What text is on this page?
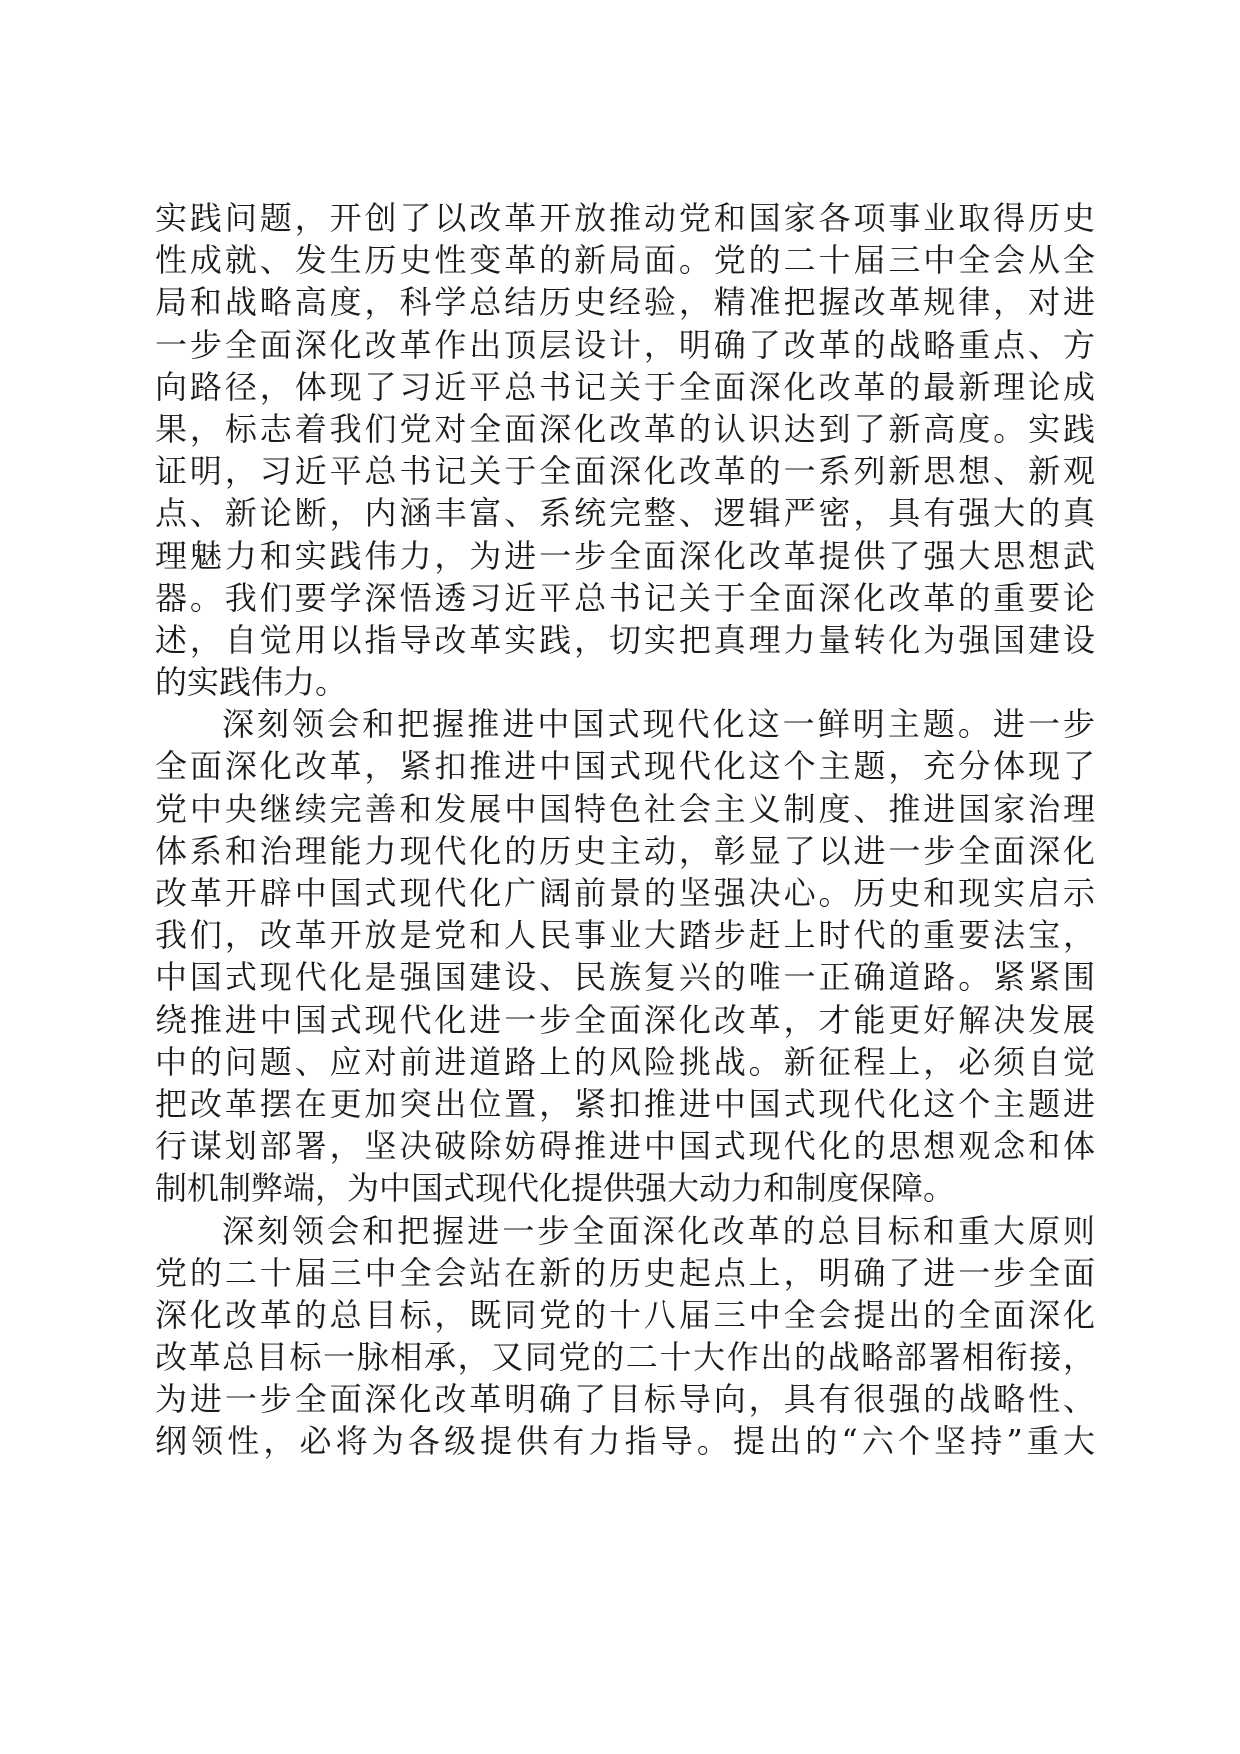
实践问题，开创了以改革开放推动党和国家各项事业取得历史
性成就、发生历史性变革的新局面。党的二十届三中全会从全
局和战略高度，科学总结历史经验，精准把握改革规律，对进
一步全面深化改革作出顶层设计，明确了改革的战略重点、方
向路径，体现了习近平总书记关于全面深化改革的最新理论成
果，标志着我们党对全面深化改革的认识达到了新高度。实践
证明，习近平总书记关于全面深化改革的一系列新思想、新观
点、新论断，内涵丰富、系统完整、逻辑严密，具有强大的真
理魅力和实践伟力，为进一步全面深化改革提供了强大思想武
器。我们要学深悟透习近平总书记关于全面深化改革的重要论
述，自觉用以指导改革实践，切实把真理力量转化为强国建设
的实践伟力。
深刻领会和把握推进中国式现代化这一鲜明主题。进一步
全面深化改革，紧扣推进中国式现代化这个主题，充分体现了
党中央继续完善和发展中国特色社会主义制度、推进国家治理
体系和治理能力现代化的历史主动，彰显了以进一步全面深化
改革开辟中国式现代化广阔前景的坚强决心。历史和现实启示
我们，改革开放是党和人民事业大踏步赶上时代的重要法宝，
中国式现代化是强国建设、民族复兴的唯一正确道路。紧紧围
绕推进中国式现代化进一步全面深化改革，才能更好解决发展
中的问题、应对前进道路上的风险挑战。新征程上，必须自觉
把改革摆在更加突出位置，紧扣推进中国式现代化这个主题进
行谋划部署，坚决破除妨碍推进中国式现代化的思想观念和体
制机制弊端，为中国式现代化提供强大动力和制度保障。
深刻领会和把握进一步全面深化改革的总目标和重大原则
党的二十届三中全会站在新的历史起点上，明确了进一步全面
深化改革的总目标，既同党的十八届三中全会提出的全面深化
改革总目标一脉相承，又同党的二十大作出的战略部署相衔接，
为进一步全面深化改革明确了目标导向，具有很强的战略性、
纲领性，必将为各级提供有力指导。提出的“六个坚持”重大
